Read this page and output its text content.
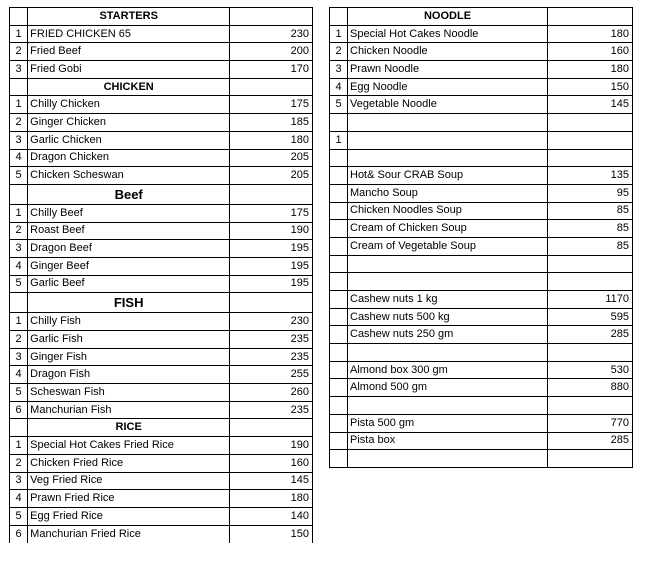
	STARTERS	
1	FRIED CHICKEN 65	230
2	Fried Beef	200
3	Fried Gobi	170
	CHICKEN	
1	Chilly Chicken	175
2	Ginger Chicken	185
3	Garlic Chicken	180
4	Dragon Chicken	205
5	Chicken Scheswan	205
	Beef	
1	Chilly Beef	175
2	Roast Beef	190
3	Dragon Beef	195
4	Ginger Beef	195
5	Garlic Beef	195
	FISH	
1	Chilly Fish	230
2	Garlic Fish	235
3	Ginger Fish	235
4	Dragon Fish	255
5	Scheswan Fish	260
6	Manchurian Fish	235
	RICE	
1	Special Hot Cakes Fried Rice	190
2	Chicken Fried Rice	160
3	Veg Fried Rice	145
4	Prawn Fried Rice	180
5	Egg Fried Rice	140
6	Manchurian Fried Rice	150
	NOODLE	
1	Special Hot Cakes Noodle	180
2	Chicken Noodle	160
3	Prawn Noodle	180
4	Egg Noodle	150
5	Vegetable Noodle	145

1		

	Hot& Sour CRAB Soup	135
	Mancho Soup	95
	Chicken Noodles Soup	85
	Cream of Chicken Soup	85
	Cream of Vegetable Soup	85

	Cashew nuts 1 kg	1170
	Cashew nuts 500 kg	595
	Cashew nuts 250 gm	285

	Almond box 300 gm	530
	Almond 500 gm	880

	Pista 500 gm	770
	Pista box	285
